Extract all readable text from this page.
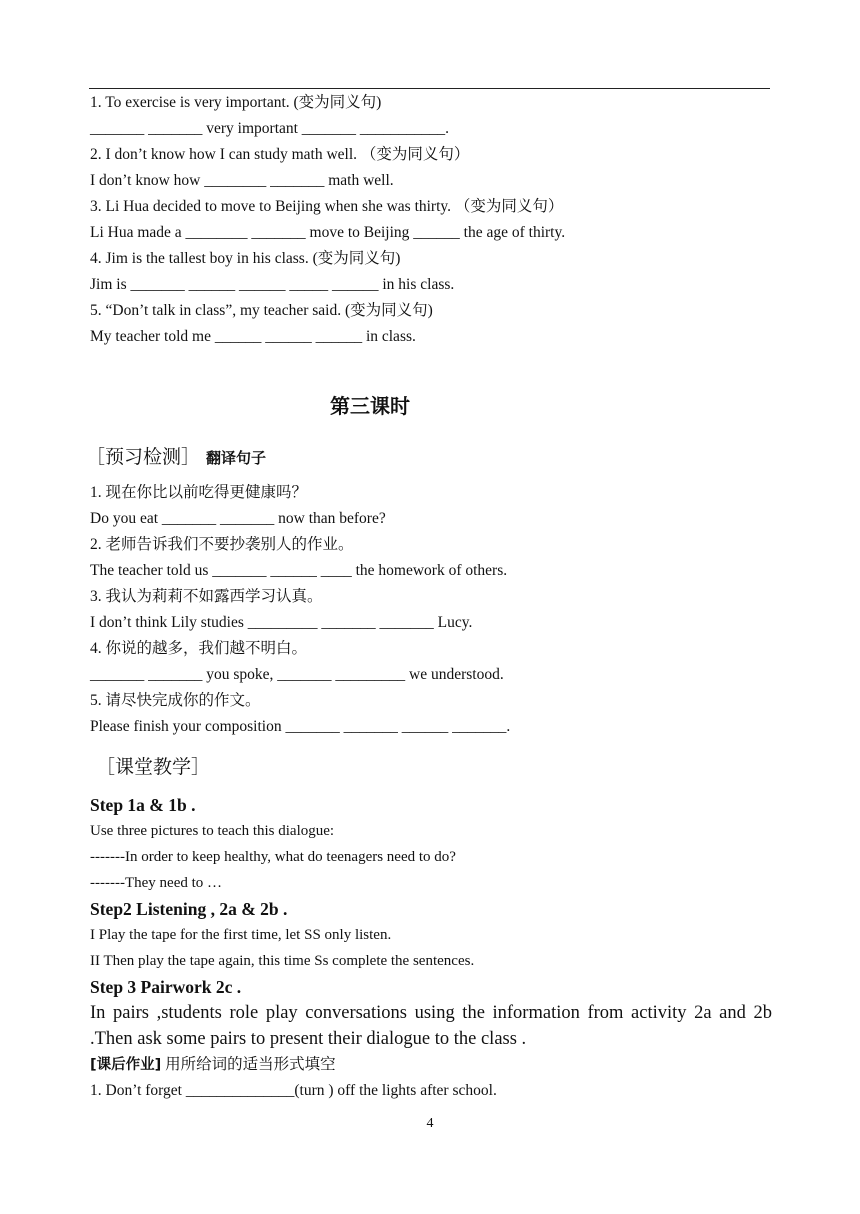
1. To exercise is very important. (变为同义句)
_______ _______ very important _______ ___________.
2. I don’t know how I can study math well. （变为同义句）
I don’t know how ________ _______ math well.
3. Li Hua decided to move to Beijing when she was thirty. （变为同义句）
Li Hua made a ________ _______ move to Beijing ______ the age of thirty.
4. Jim is the tallest boy in his class. (变为同义句)
Jim is _______ ______ ______ _____ ______ in his class.
5. “Don’t talk in class”, my teacher said. (变为同义句)
My teacher told me ______ ______ ______ in class.
第三课时
［预习检测］ 翻译句子
1. 现在你比以前吃得更健康吗？
Do you eat _______ _______ now than before?
2. 老师告诉我们不要抄袭别人的作业。
The teacher told us _______ ______ ____ the homework of others.
3. 我认为莉莉不如露西学习认真。
I don’t think Lily studies _________ _______ _______ Lucy.
4. 你说的越多，我们越不明白。
_______ _______ you spoke, _______ _________ we understood.
5. 请尽快完成你的作文。
Please finish your composition _______ _______ ______ _______.
［课堂教学］
Step 1a & 1b .
Use three pictures to teach this dialogue:
-------In order to keep healthy, what do teenagers need to do?
-------They need to …
Step2 Listening , 2a & 2b .
I Play the tape for the first time, let SS only listen.
II Then play the tape again, this time Ss complete the sentences.
Step 3 Pairwork 2c .
In pairs ,students role play conversations using the information from activity 2a and 2b .Then ask some pairs to present their dialogue to the class .
[课后作业] 用所给词的适当形式填空
1. Don’t forget ______________(turn ) off the lights after school.
4
